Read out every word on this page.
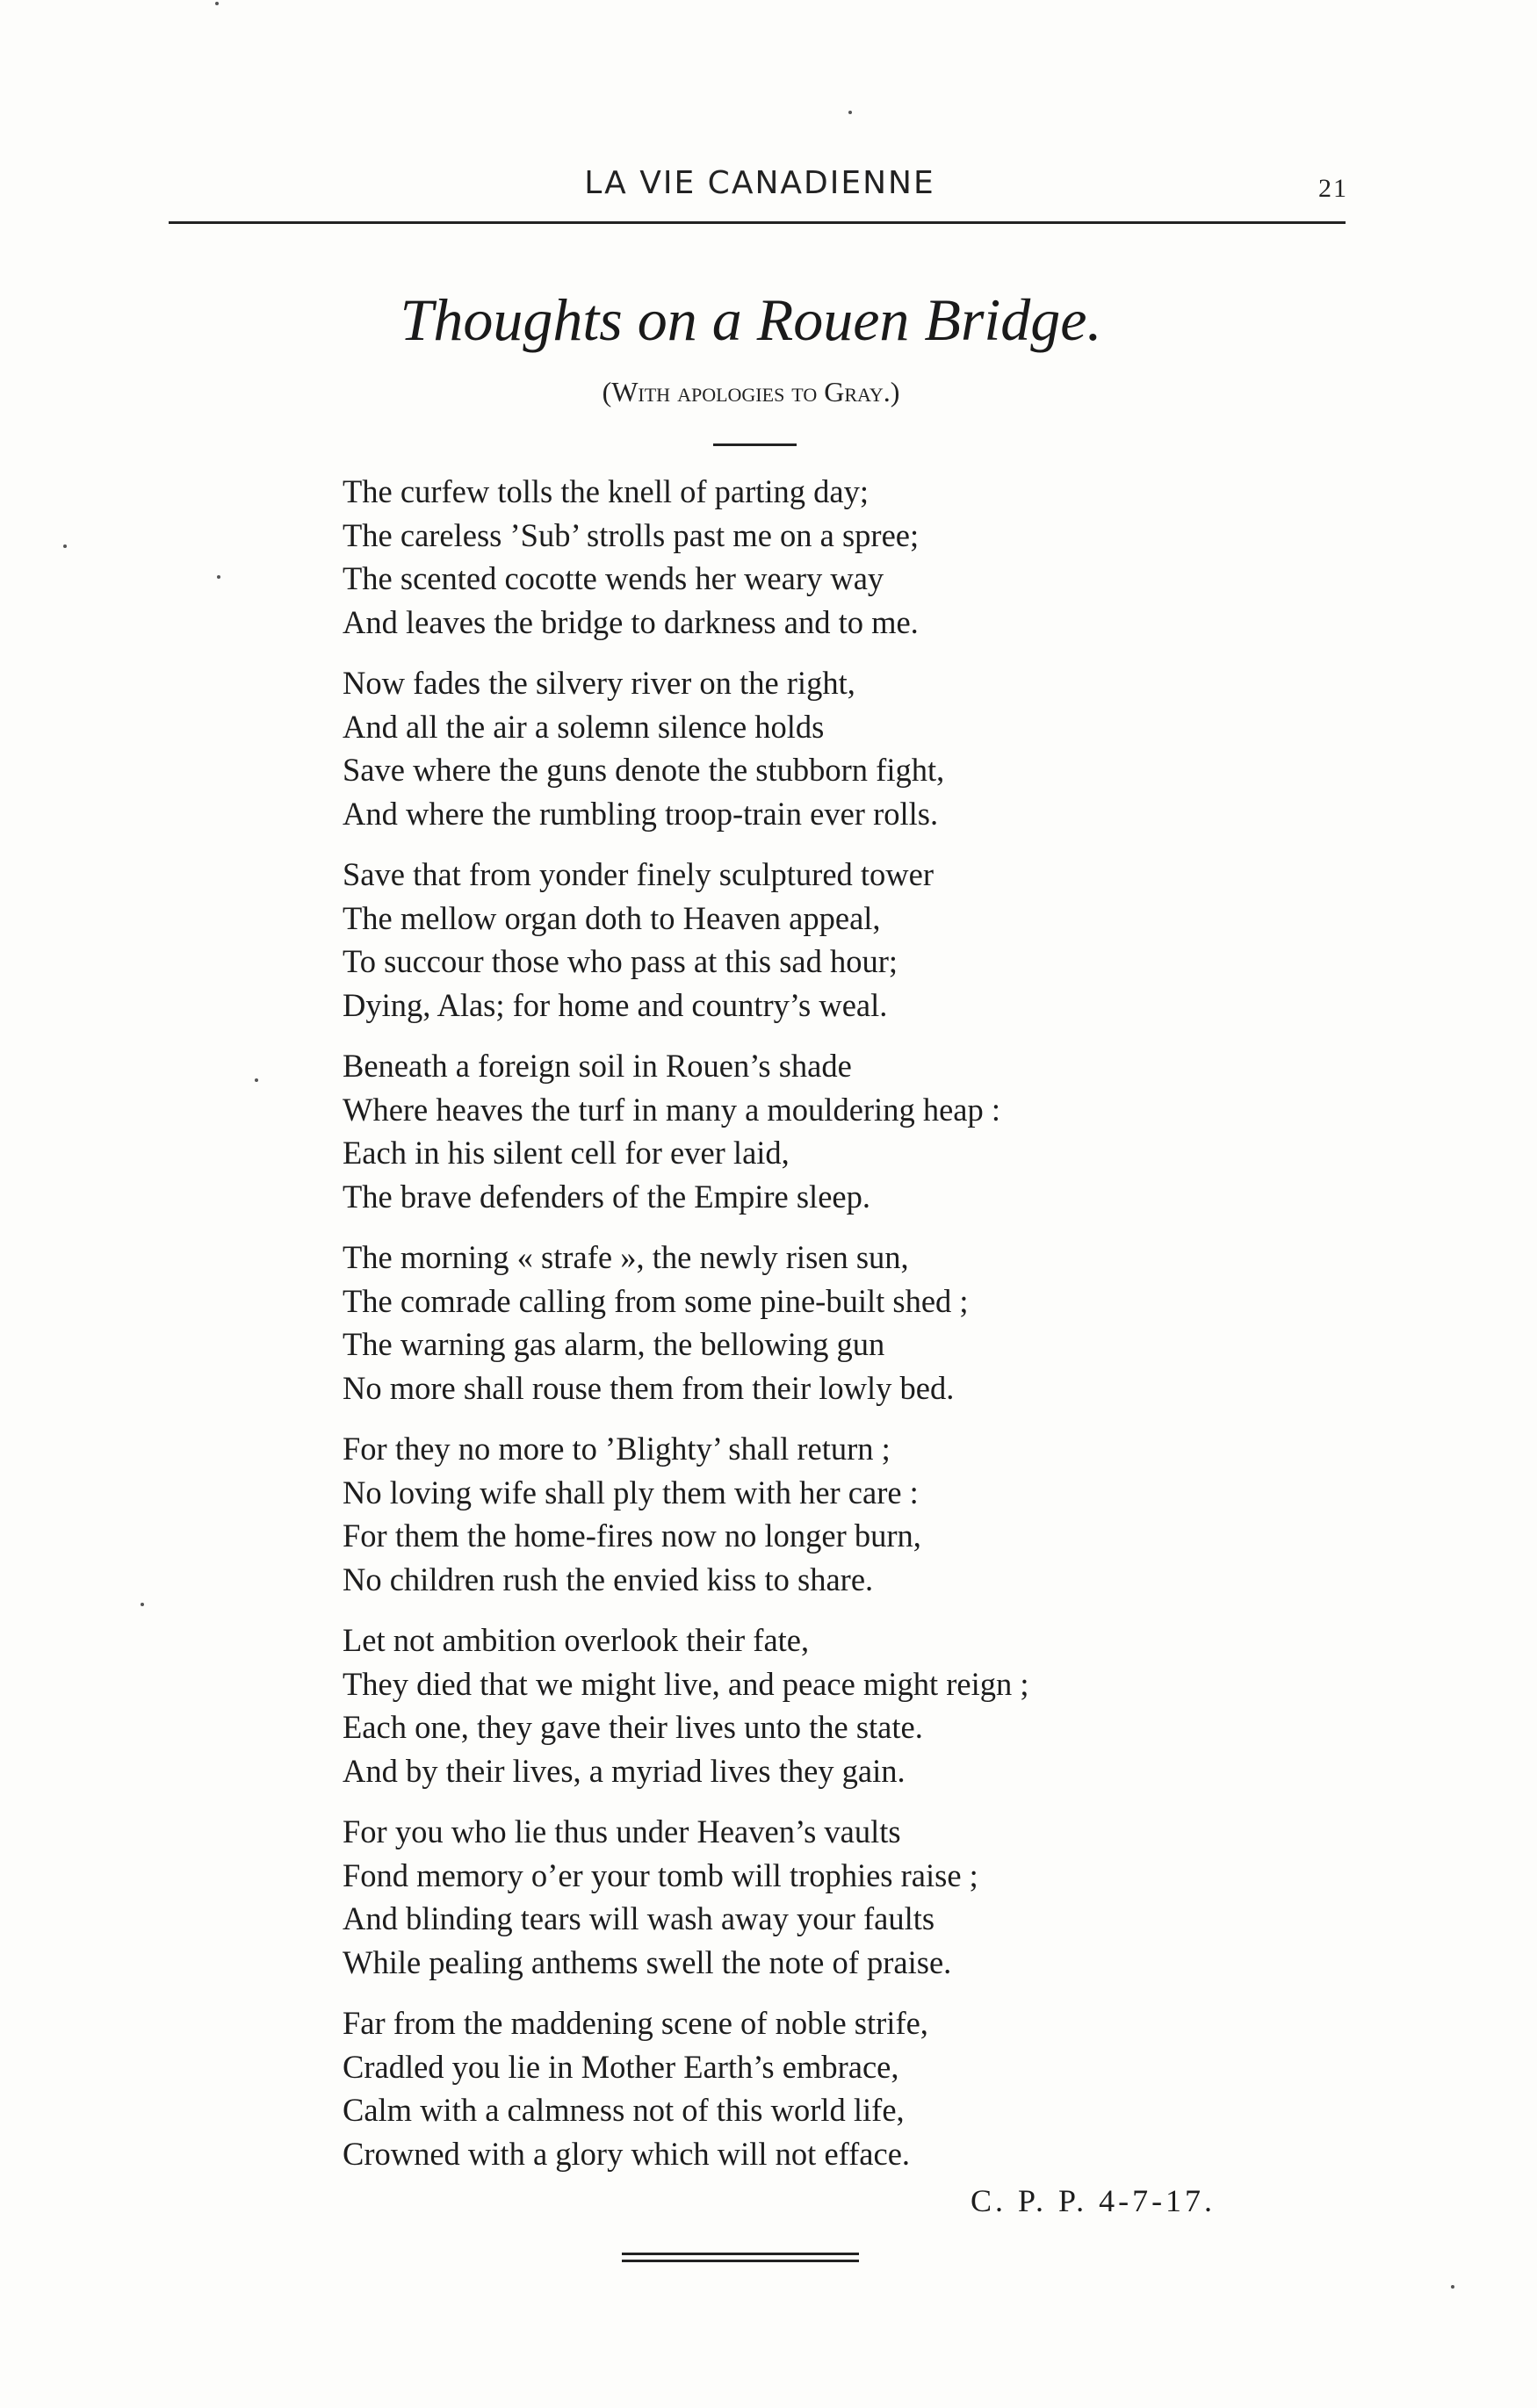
LA VIE CANADIENNE	21
Thoughts on a Rouen Bridge.
(With apologies to Gray.)
The curfew tolls the knell of parting day;
The careless ’Sub’ strolls past me on a spree;
The scented cocotte wends her weary way
And leaves the bridge to darkness and to me.
Now fades the silvery river on the right,
And all the air a solemn silence holds
Save where the guns denote the stubborn fight,
And where the rumbling troop-train ever rolls.
Save that from yonder finely sculptured tower
The mellow organ doth to Heaven appeal,
To succour those who pass at this sad hour;
Dying, Alas; for home and country’s weal.
Beneath a foreign soil in Rouen’s shade
Where heaves the turf in many a mouldering heap :
Each in his silent cell for ever laid,
The brave defenders of the Empire sleep.
The morning « strafe », the newly risen sun,
The comrade calling from some pine-built shed ;
The warning gas alarm, the bellowing gun
No more shall rouse them from their lowly bed.
For they no more to ’Blighty’ shall return ;
No loving wife shall ply them with her care :
For them the home-fires now no longer burn,
No children rush the envied kiss to share.
Let not ambition overlook their fate,
They died that we might live, and peace might reign ;
Each one, they gave their lives unto the state.
And by their lives, a myriad lives they gain.
For you who lie thus under Heaven’s vaults
Fond memory o’er your tomb will trophies raise ;
And blinding tears will wash away your faults
While pealing anthems swell the note of praise.
Far from the maddening scene of noble strife,
Cradled you lie in Mother Earth’s embrace,
Calm with a calmness not of this world life,
Crowned with a glory which will not efface.
C. P. P. 4-7-17.
